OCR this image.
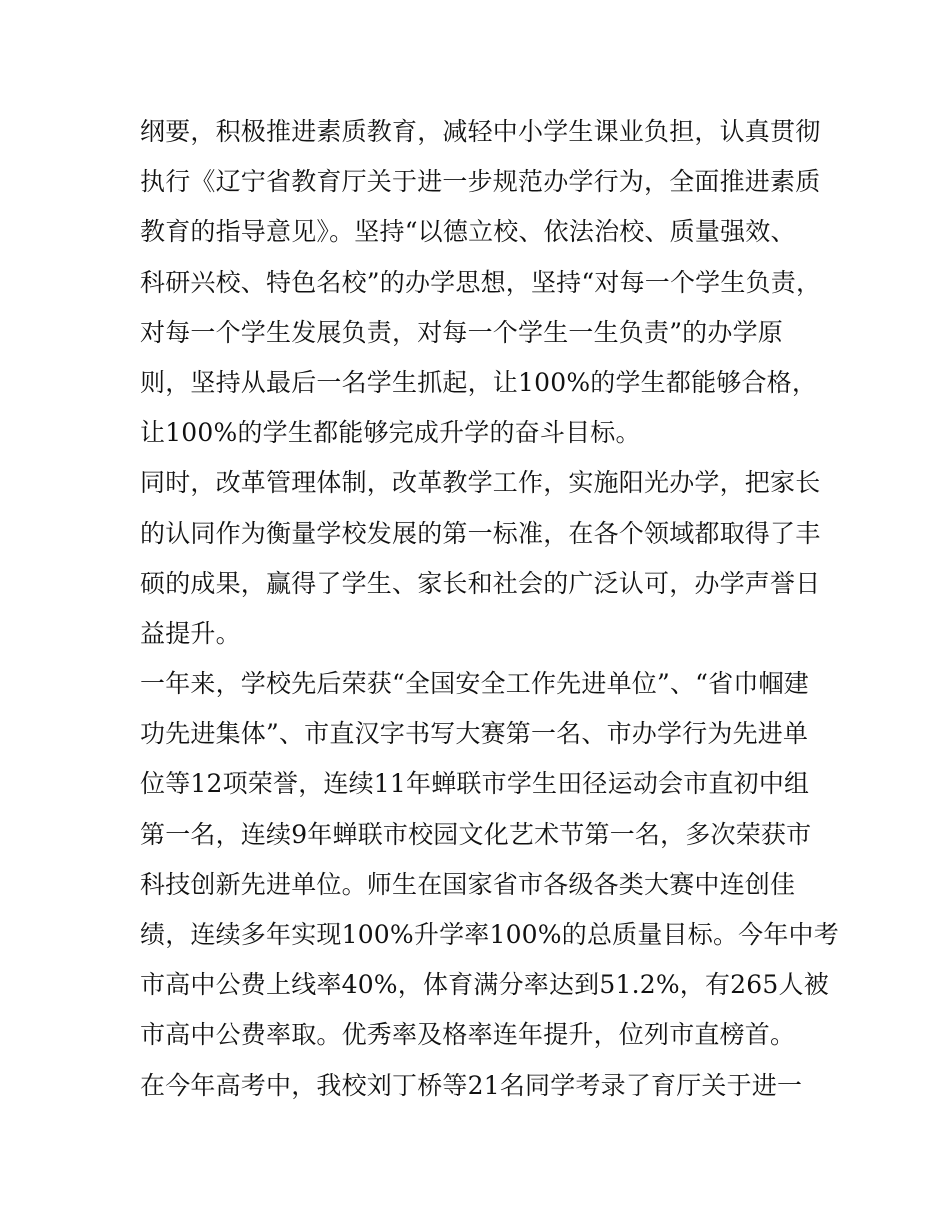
纲要，积极推进素质教育，减轻中小学生课业负担，认真贯彻
执行《辽宁省教育厅关于进一步规范办学行为，全面推进素质
教育的指导意见》。坚持“以德立校、依法治校、质量强效、
科研兴校、特色名校”的办学思想，坚持“对每一个学生负责，
对每一个学生发展负责，对每一个学生一生负责”的办学原
则，坚持从最后一名学生抓起，让100%的学生都能够合格，
让100%的学生都能够完成升学的奋斗目标。
同时，改革管理体制，改革教学工作，实施阳光办学，把家长
的认同作为衡量学校发展的第一标准，在各个领域都取得了丰
硕的成果，赢得了学生、家长和社会的广泛认可，办学声誉日
益提升。
一年来，学校先后荣获“全国安全工作先进单位”、“省巾帼建
功先进集体”、市直汉字书写大赛第一名、市办学行为先进单
位等12项荣誉，连续11年蝉联市学生田径运动会市直初中组
第一名，连续9年蝉联市校园文化艺术节第一名，多次荣获市
科技创新先进单位。师生在国家省市各级各类大赛中连创佳
绩，连续多年实现100%升学率100%的总质量目标。今年中考
市高中公费上线率40%，体育满分率达到51.2%，有265人被
市高中公费率取。优秀率及格率连年提升，位列市直榜首。
在今年高考中，我校刘丁桥等21名同学考录了育厅关于进一
